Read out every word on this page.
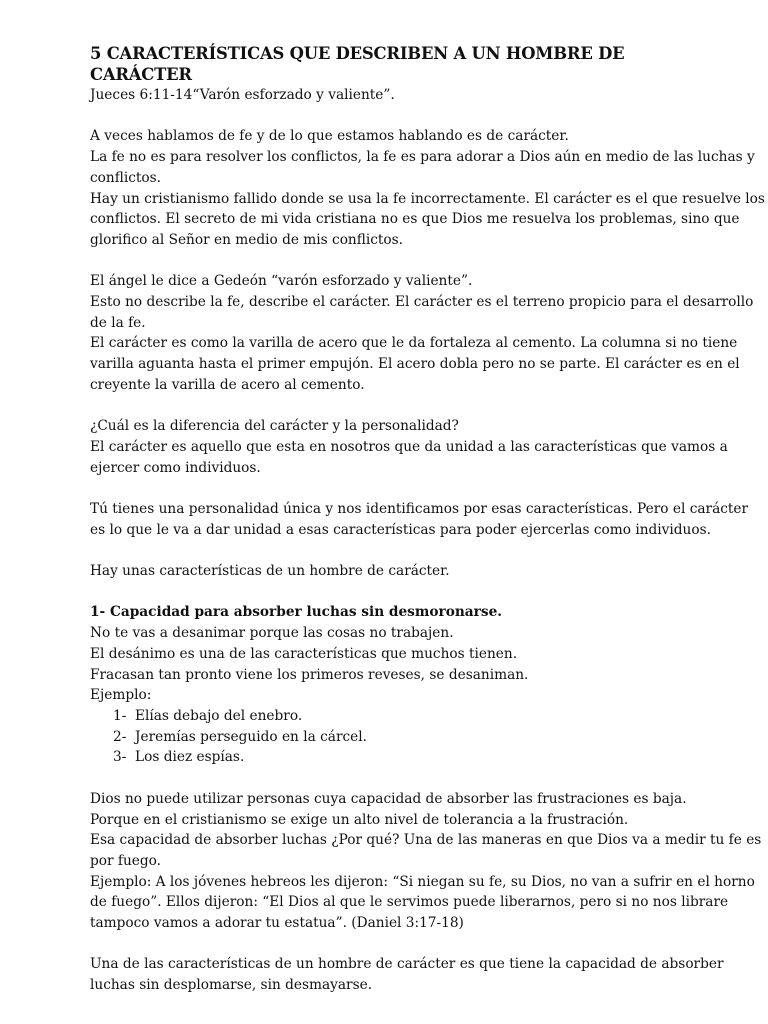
5 CARACTERÍSTICAS QUE DESCRIBEN A UN HOMBRE DE CARÁCTER
Jueces 6:11-14“Varón esforzado y valiente”.
A veces hablamos de fe y de lo que estamos hablando es de carácter.
La fe no es para resolver los conflictos, la fe es para adorar a Dios aún en medio de las luchas y
conflictos.
Hay un cristianismo fallido donde se usa la fe incorrectamente. El carácter es el que resuelve los
conflictos. El secreto de mi vida cristiana no es que Dios me resuelva los problemas, sino que
glorifico al Señor en medio de mis conflictos.
El ángel le dice a Gedeón “varón esforzado y valiente”.
Esto no describe la fe, describe el carácter. El carácter es el terreno propicio para el desarrollo
de la fe.
El carácter es como la varilla de acero que le da fortaleza al cemento. La columna si no tiene
varilla aguanta hasta el primer empujón. El acero dobla pero no se parte. El carácter es en el
creyente la varilla de acero al cemento.
¿Cuál es la diferencia del carácter y la personalidad?
El carácter es aquello que esta en nosotros que da unidad a las características que vamos a
ejercer como individuos.
Tú tienes una personalidad única y nos identificamos por esas características. Pero el carácter
es lo que le va a dar unidad a esas características para poder ejercerlas como individuos.
Hay unas características de un hombre de carácter.
1- Capacidad para absorber luchas sin desmoronarse.
No te vas a desanimar porque las cosas no trabajen.
El desánimo es una de las características que muchos tienen.
Fracasan tan pronto viene los primeros reveses, se desaniman.
Ejemplo:
1- Elías debajo del enebro.
2- Jeremías perseguido en la cárcel.
3- Los diez espías.
Dios no puede utilizar personas cuya capacidad de absorber las frustraciones es baja.
Porque en el cristianismo se exige un alto nivel de tolerancia a la frustración.
Esa capacidad de absorber luchas ¿Por qué? Una de las maneras en que Dios va a medir tu fe es
por fuego.
Ejemplo: A los jóvenes hebreos les dijeron: “Si niegan su fe, su Dios, no van a sufrir en el horno
de fuego”. Ellos dijeron: “El Dios al que le servimos puede liberarnos, pero si no nos librare
tampoco vamos a adorar tu estatua”. (Daniel 3:17-18)
Una de las características de un hombre de carácter es que tiene la capacidad de absorber
luchas sin desplomarse, sin desmayarse.
